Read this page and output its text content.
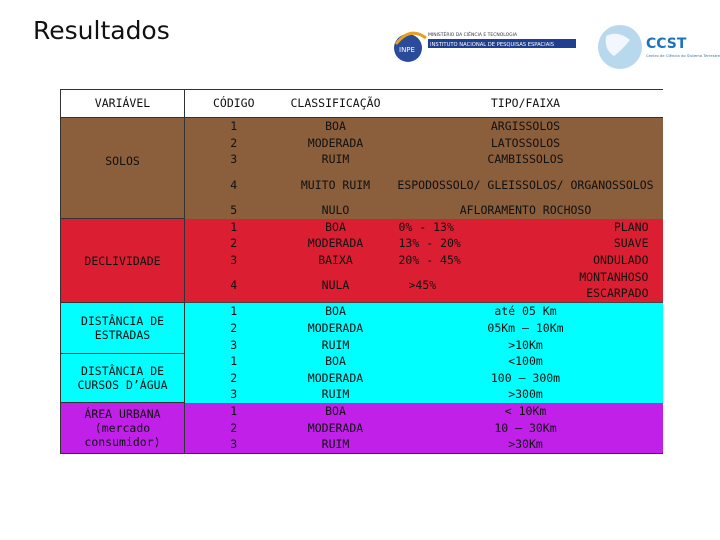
Resultados
INPE
MINISTÉRIO DA CIÊNCIA E TECNOLOGIA
INSTITUTO NACIONAL DE PESQUISAS ESPACIAIS	CCST
Centro de Ciência do Sistema Terrestre
VARIÁVEL	CÓDIGO	CLASSIFICAÇÃO	TIPO/FAIXA
SOLOS	1	BOA	ARGISSOLOS
	2	MODERADA	LATOSSOLOS
	3	RUIM	CAMBISSOLOS
	4	MUITO RUIM	ESPODOSSOLO/ GLEISSOLOS/ ORGANOSSOLOS
	5	NULO	AFLORAMENTO ROCHOSO
DECLIVIDADE	1	BOA	0% - 13% PLANO

	2	MODERADA	13% - 20% SUAVE

	3	BAIXA	20% - 45% ONDULADO

	4	NULA	>45%
MONTANHOSO ESCARPADO

DISTÂNCIA DE ESTRADAS	1	BOA	até 05 Km
	2	MODERADA	05Km – 10Km
	3	RUIM	>10Km
DISTÂNCIA DE CURSOS D’ÁGUA	1	BOA	<100m
	2	MODERADA	100 – 300m
	3	RUIM	>300m
ÁREA URBANA (mercado consumidor)	1	BOA	< 10Km
	2	MODERADA	10 – 30Km
	3	RUIM	>30Km
